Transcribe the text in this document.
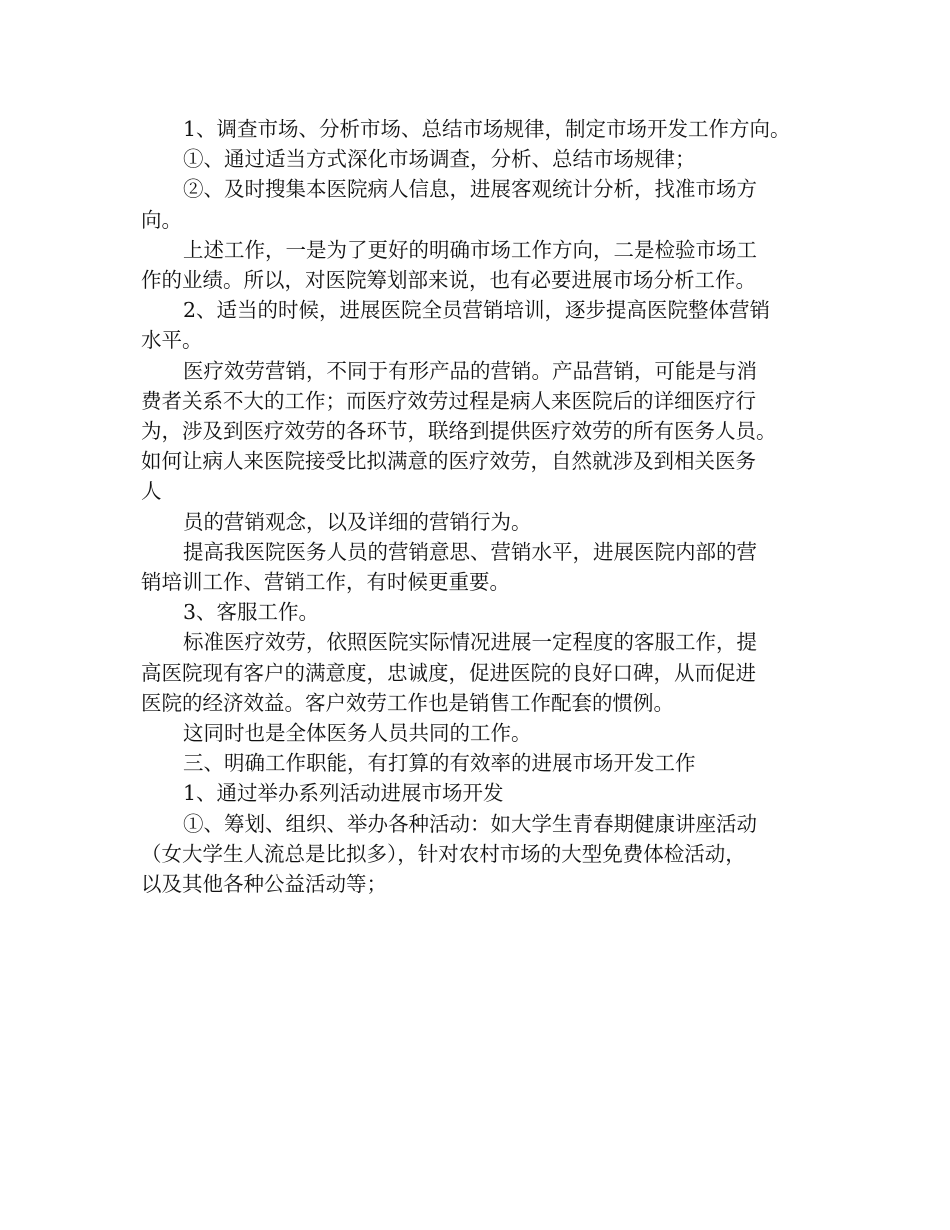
1、调查市场、分析市场、总结市场规律，制定市场开发工作方向。

①、通过适当方式深化市场调查，分析、总结市场规律；

②、及时搜集本医院病人信息，进展客观统计分析，找准市场方

向。

上述工作，一是为了更好的明确市场工作方向，二是检验市场工

作的业绩。所以，对医院筹划部来说，也有必要进展市场分析工作。

2、适当的时候，进展医院全员营销培训，逐步提高医院整体营销

水平。

医疗效劳营销，不同于有形产品的营销。产品营销，可能是与消

费者关系不大的工作；而医疗效劳过程是病人来医院后的详细医疗行

为，涉及到医疗效劳的各环节，联络到提供医疗效劳的所有医务人员。

如何让病人来医院接受比拟满意的医疗效劳，自然就涉及到相关医务

人

员的营销观念，以及详细的营销行为。

提高我医院医务人员的营销意思、营销水平，进展医院内部的营

销培训工作、营销工作，有时候更重要。

3、客服工作。

标准医疗效劳，依照医院实际情况进展一定程度的客服工作，提

高医院现有客户的满意度，忠诚度，促进医院的良好口碑，从而促进

医院的经济效益。客户效劳工作也是销售工作配套的惯例。

这同时也是全体医务人员共同的工作。

三、明确工作职能，有打算的有效率的进展市场开发工作

1、通过举办系列活动进展市场开发

①、筹划、组织、举办各种活动：如大学生青春期健康讲座活动

（女大学生人流总是比拟多），针对农村市场的大型免费体检活动，

以及其他各种公益活动等；
